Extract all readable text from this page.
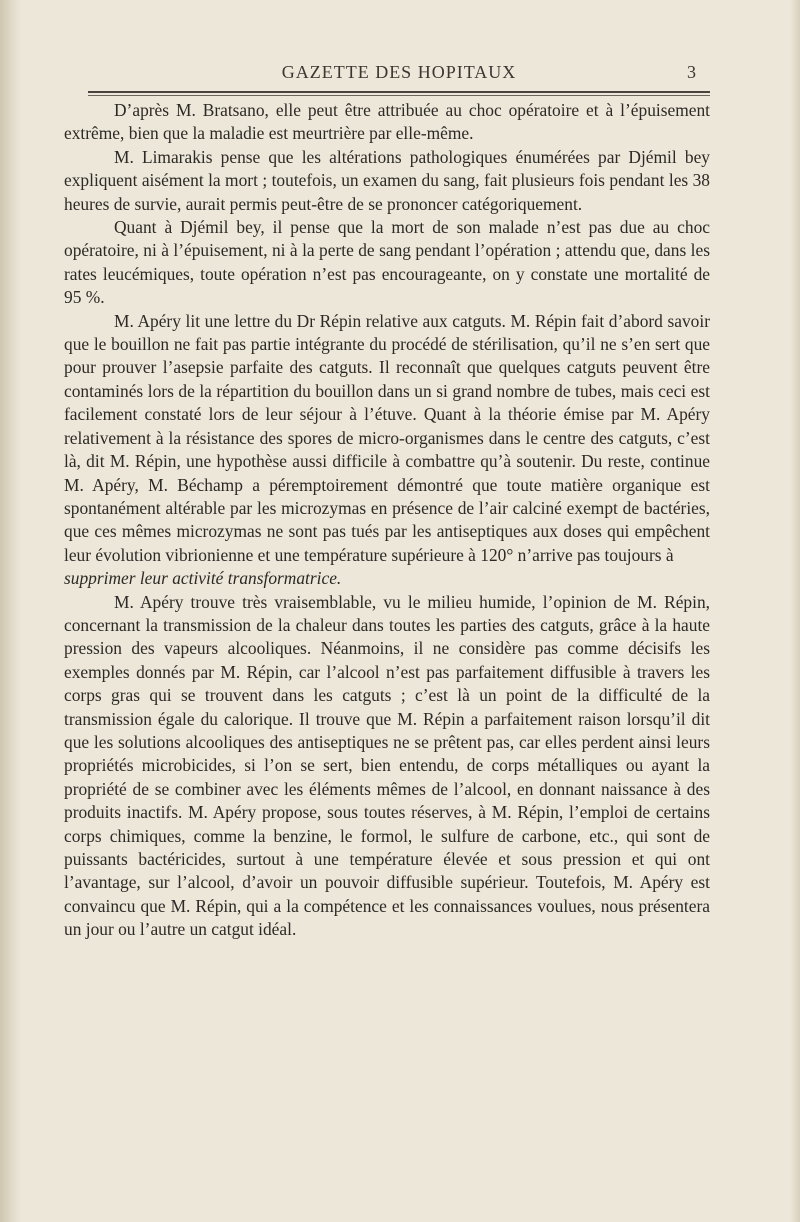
GAZETTE DES HOPITAUX	3

D’après M. Bratsano, elle peut être attribuée au choc opératoire et à l’épuisement extrême, bien que la maladie est meurtrière par elle-même.

M. Limarakis pense que les altérations pathologiques énumérées par Djémil bey expliquent aisément la mort ; toutefois, un examen du sang, fait plusieurs fois pendant les 38 heures de survie, aurait permis peut-être de se prononcer catégoriquement.

Quant à Djémil bey, il pense que la mort de son malade n’est pas due au choc opératoire, ni à l’épuisement, ni à la perte de sang pendant l’opération ; attendu que, dans les rates leucémiques, toute opération n’est pas encourageante, on y constate une mortalité de 95 %.

M. Apéry lit une lettre du Dr Répin relative aux catguts. M. Répin fait d’abord savoir que le bouillon ne fait pas partie intégrante du procédé de stérilisation, qu’il ne s’en sert que pour prouver l’asepsie parfaite des catguts. Il reconnaît que quelques catguts peuvent être contaminés lors de la répartition du bouillon dans un si grand nombre de tubes, mais ceci est facilement constaté lors de leur séjour à l’étuve. Quant à la théorie émise par M. Apéry relativement à la résistance des spores de micro-organismes dans le centre des catguts, c’est là, dit M. Répin, une hypothèse aussi difficile à combattre qu’à soutenir. Du reste, continue M. Apéry, M. Béchamp a péremptoirement démontré que toute matière organique est spontanément altérable par les microzymas en présence de l’air calciné exempt de bactéries, que ces mêmes microzymas ne sont pas tués par les antiseptiques aux doses qui empêchent leur évolution vibrionienne et une température supérieure à 120° n’arrive pas toujours à

supprimer leur activité transformatrice.

M. Apéry trouve très vraisemblable, vu le milieu humide, l’opinion de M. Répin, concernant la transmission de la chaleur dans toutes les parties des catguts, grâce à la haute pression des vapeurs alcooliques. Néanmoins, il ne considère pas comme décisifs les exemples donnés par M. Répin, car l’alcool n’est pas parfaitement diffusible à travers les corps gras qui se trouvent dans les catguts ; c’est là un point de la difficulté de la transmission égale du calorique. Il trouve que M. Répin a parfaitement raison lorsqu’il dit que les solutions alcooliques des antiseptiques ne se prêtent pas, car elles perdent ainsi leurs propriétés microbicides, si l’on se sert, bien entendu, de corps métalliques ou ayant la propriété de se combiner avec les éléments mêmes de l’alcool, en donnant naissance à des produits inactifs. M. Apéry propose, sous toutes réserves, à M. Répin, l’emploi de certains corps chimiques, comme la benzine, le formol, le sulfure de carbone, etc., qui sont de puissants bactéricides, surtout à une température élevée et sous pression et qui ont l’avantage, sur l’alcool, d’avoir un pouvoir diffusible supérieur. Toutefois, M. Apéry est convaincu que M. Répin, qui a la compétence et les connaissances voulues, nous présentera un jour ou l’autre un catgut idéal.
